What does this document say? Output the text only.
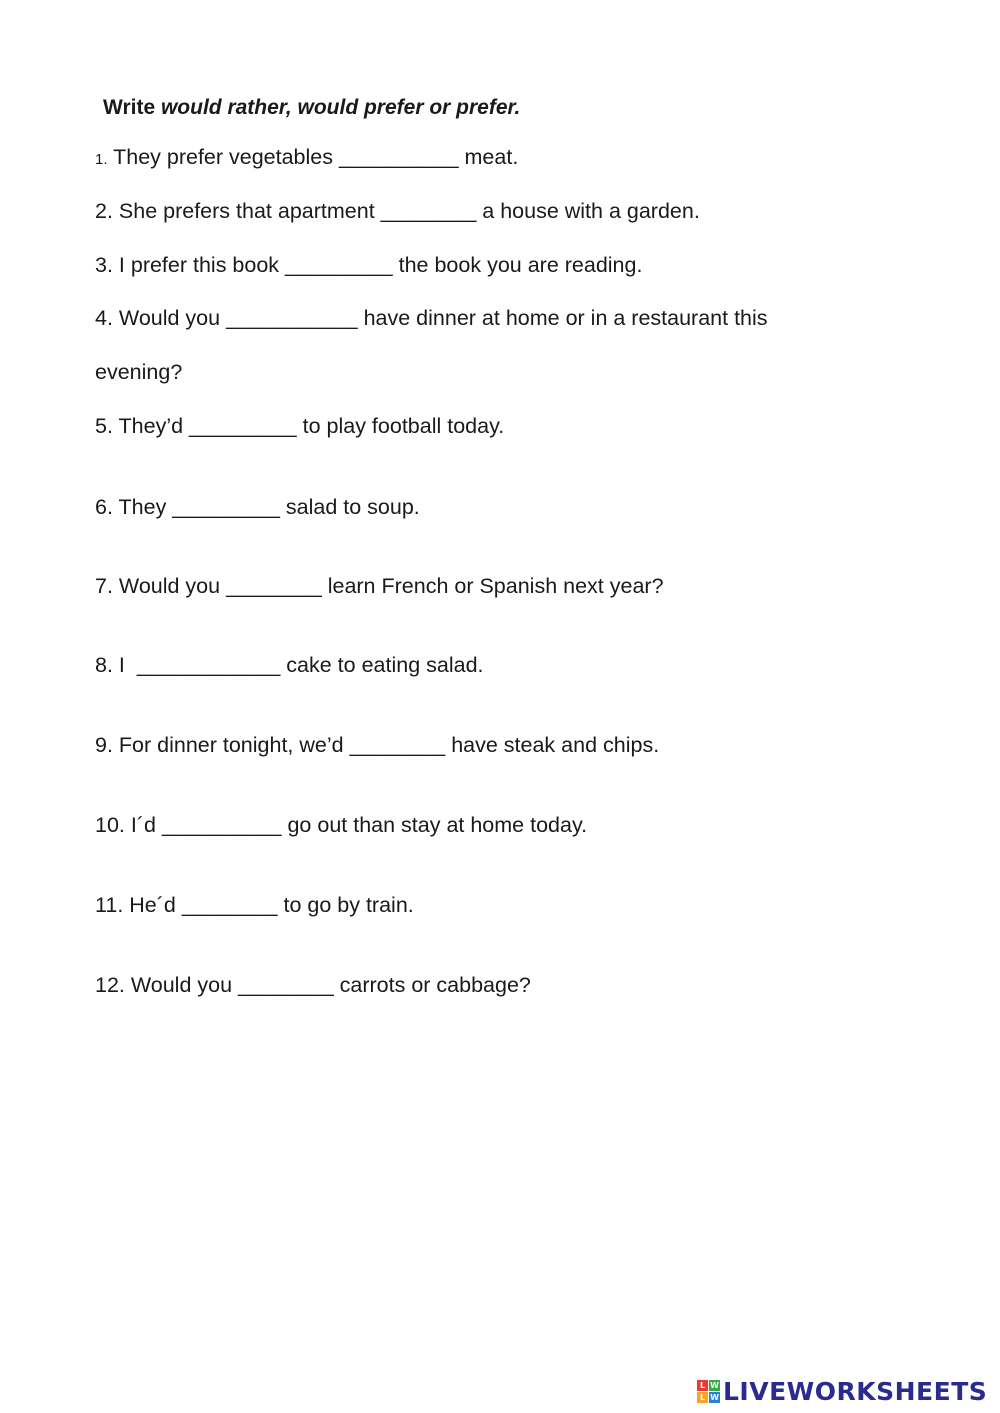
Write would rather, would prefer or prefer.
1. They prefer vegetables __________ meat.
2. She prefers that apartment ________ a house with a garden.
3. I prefer this book _________ the book you are reading.
4. Would you ___________ have dinner at home or in a restaurant this
evening?
5. They’d _________ to play football today.
6. They _________ salad to soup.
7. Would you ________ learn French or Spanish next year?
8. I  ____________ cake to eating salad.
9. For dinner tonight, we’d ________ have steak and chips.
10. I´d __________ go out than stay at home today.
11. He´d ________ to go by train.
12. Would you ________ carrots or cabbage?
L W
L W LIVEWORKSHEETS
